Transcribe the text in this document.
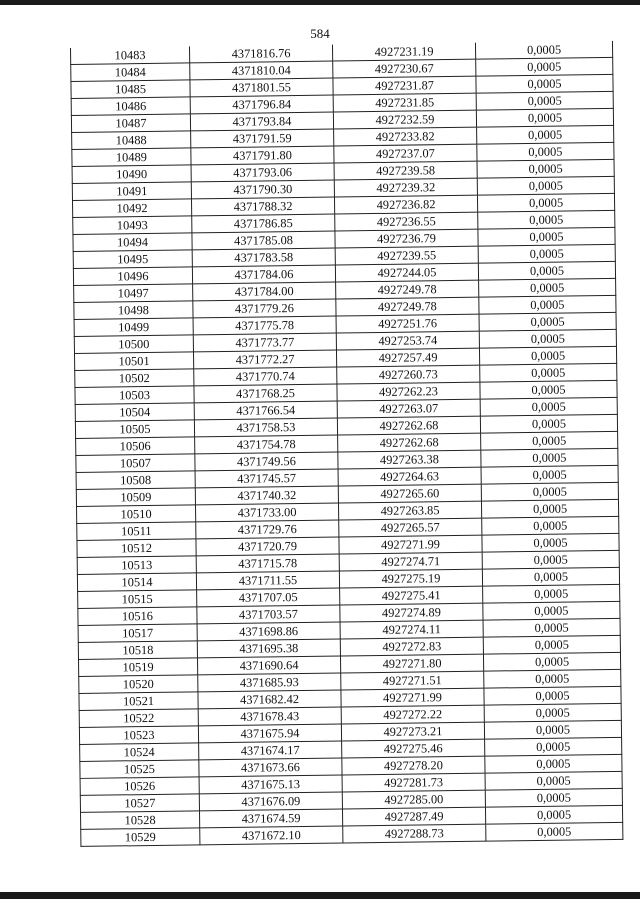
584
10483	4371816.76	4927231.19	0,0005
10484	4371810.04	4927230.67	0,0005
10485	4371801.55	4927231.87	0,0005
10486	4371796.84	4927231.85	0,0005
10487	4371793.84	4927232.59	0,0005
10488	4371791.59	4927233.82	0,0005
10489	4371791.80	4927237.07	0,0005
10490	4371793.06	4927239.58	0,0005
10491	4371790.30	4927239.32	0,0005
10492	4371788.32	4927236.82	0,0005
10493	4371786.85	4927236.55	0,0005
10494	4371785.08	4927236.79	0,0005
10495	4371783.58	4927239.55	0,0005
10496	4371784.06	4927244.05	0,0005
10497	4371784.00	4927249.78	0,0005
10498	4371779.26	4927249.78	0,0005
10499	4371775.78	4927251.76	0,0005
10500	4371773.77	4927253.74	0,0005
10501	4371772.27	4927257.49	0,0005
10502	4371770.74	4927260.73	0,0005
10503	4371768.25	4927262.23	0,0005
10504	4371766.54	4927263.07	0,0005
10505	4371758.53	4927262.68	0,0005
10506	4371754.78	4927262.68	0,0005
10507	4371749.56	4927263.38	0,0005
10508	4371745.57	4927264.63	0,0005
10509	4371740.32	4927265.60	0,0005
10510	4371733.00	4927263.85	0,0005
10511	4371729.76	4927265.57	0,0005
10512	4371720.79	4927271.99	0,0005
10513	4371715.78	4927274.71	0,0005
10514	4371711.55	4927275.19	0,0005
10515	4371707.05	4927275.41	0,0005
10516	4371703.57	4927274.89	0,0005
10517	4371698.86	4927274.11	0,0005
10518	4371695.38	4927272.83	0,0005
10519	4371690.64	4927271.80	0,0005
10520	4371685.93	4927271.51	0,0005
10521	4371682.42	4927271.99	0,0005
10522	4371678.43	4927272.22	0,0005
10523	4371675.94	4927273.21	0,0005
10524	4371674.17	4927275.46	0,0005
10525	4371673.66	4927278.20	0,0005
10526	4371675.13	4927281.73	0,0005
10527	4371676.09	4927285.00	0,0005
10528	4371674.59	4927287.49	0,0005
10529	4371672.10	4927288.73	0,0005
